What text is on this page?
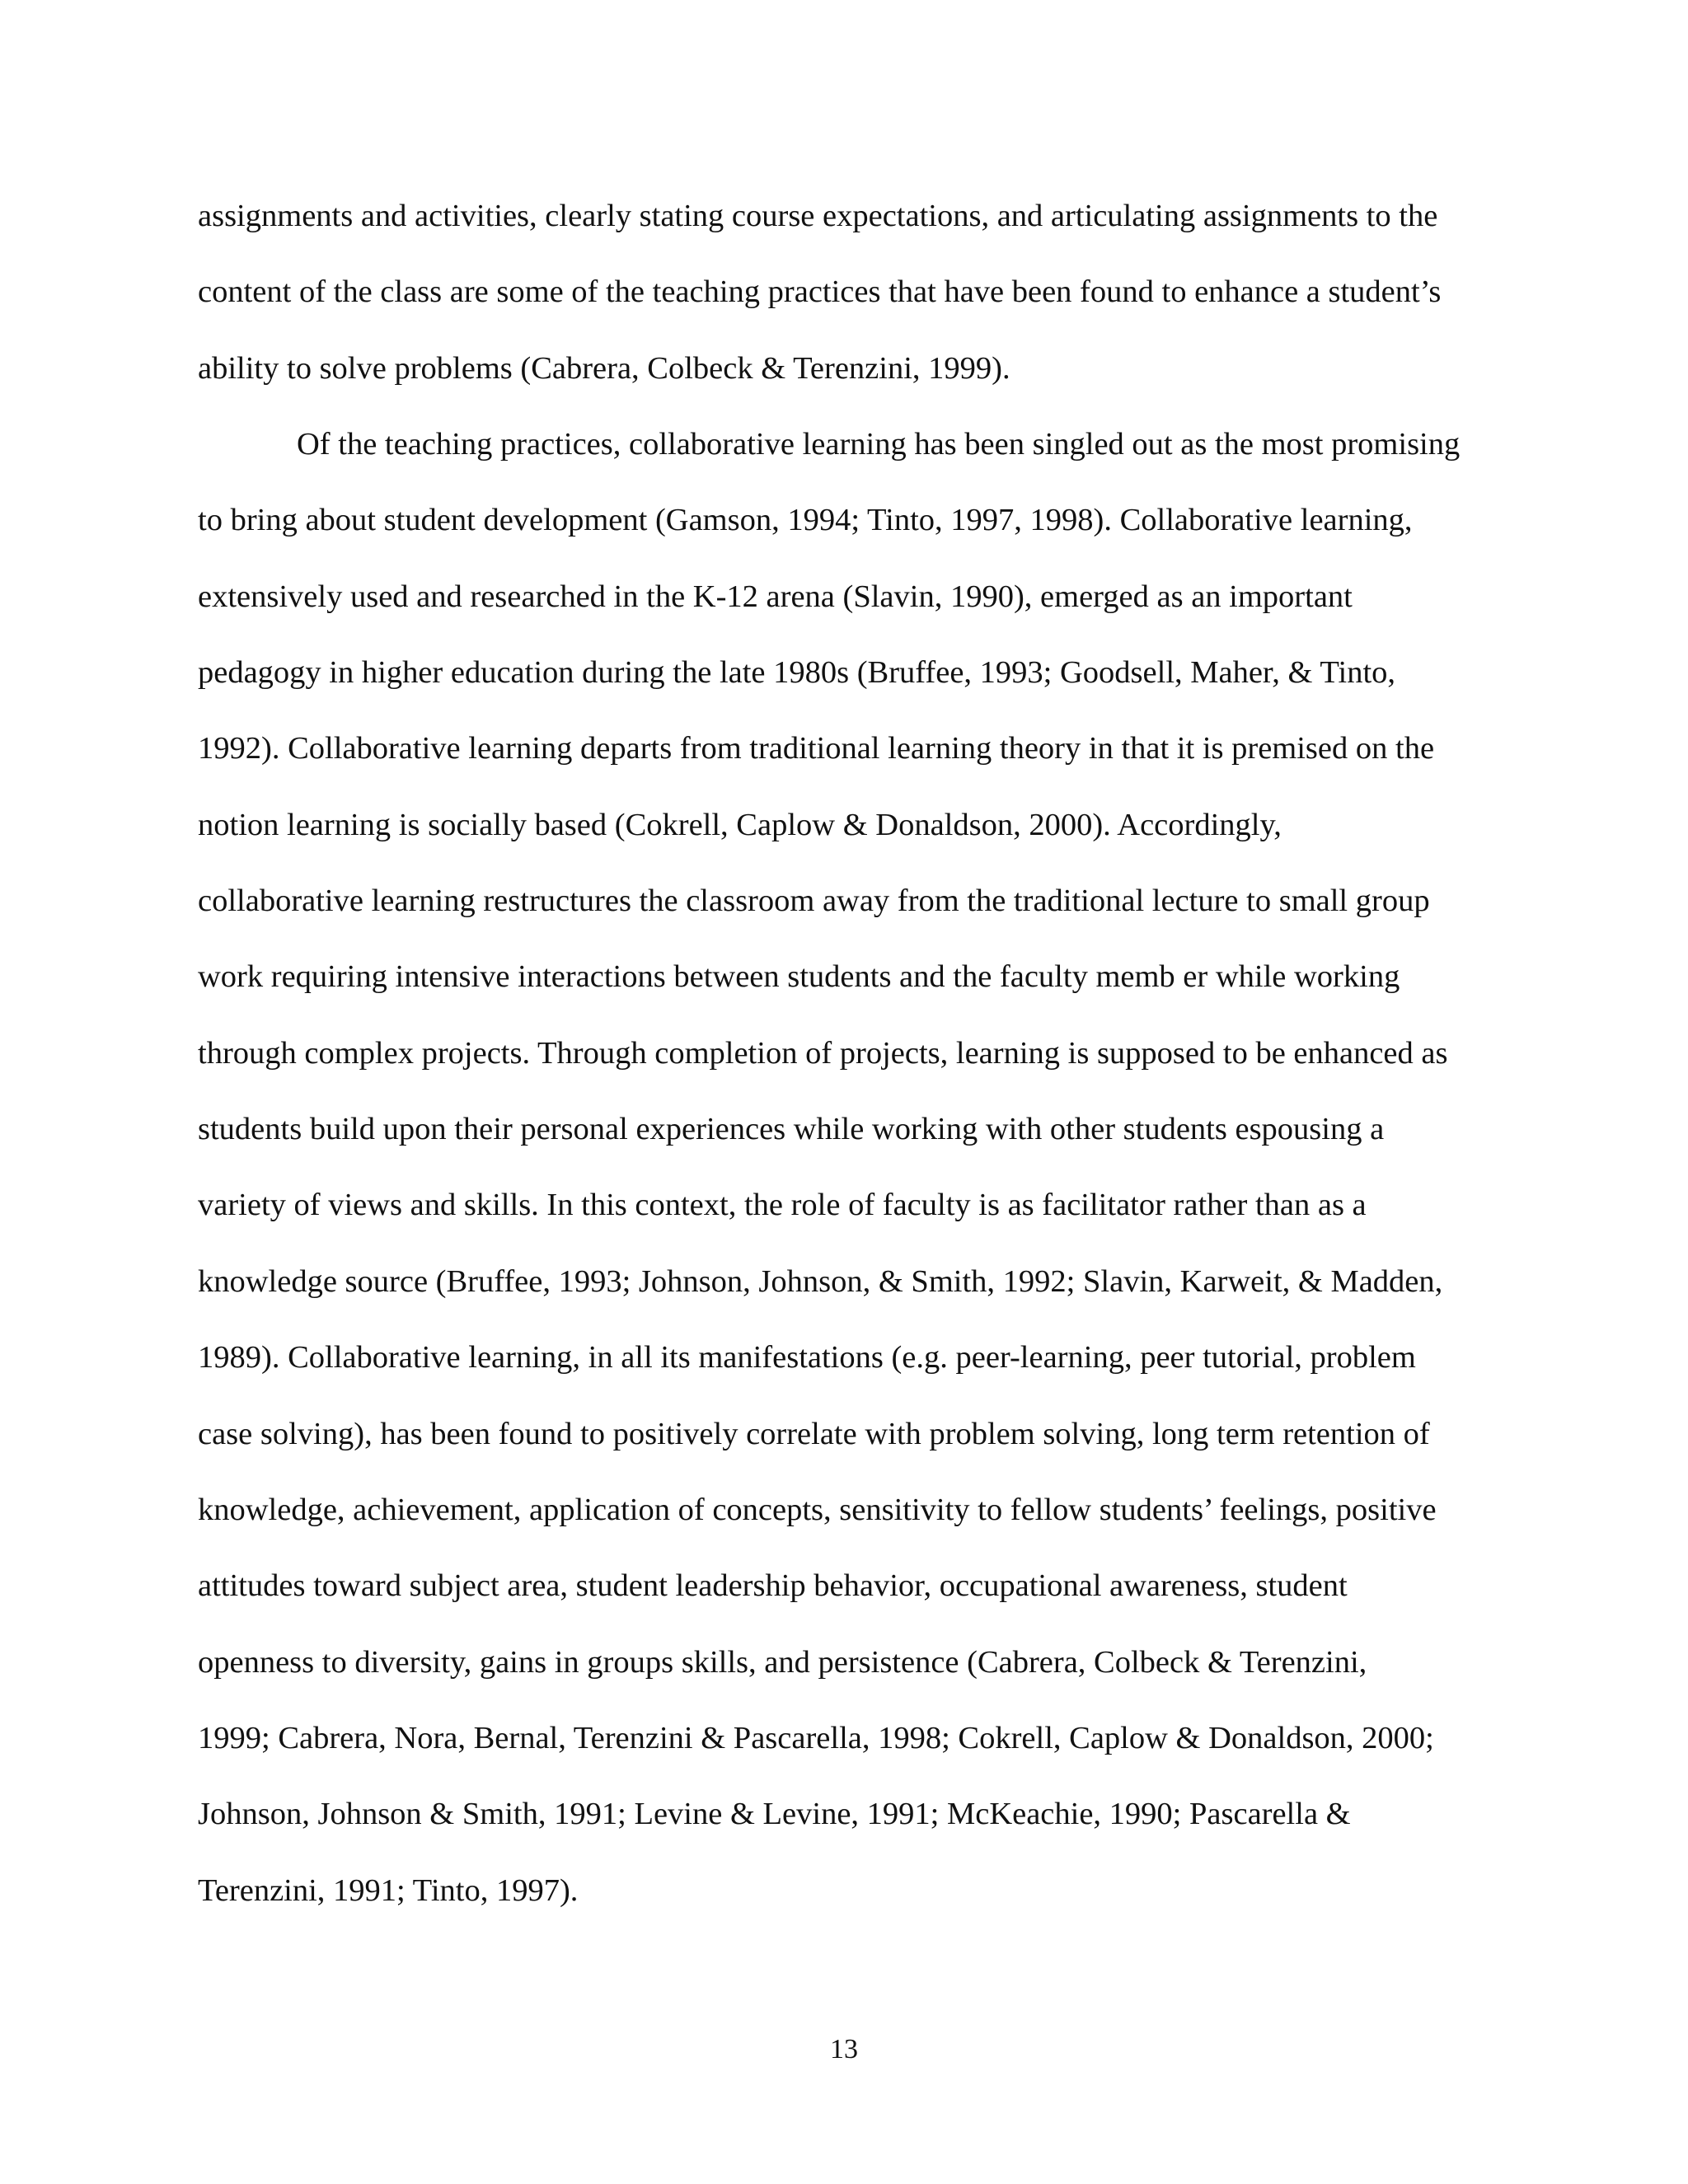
assignments and activities, clearly stating course expectations, and articulating assignments to the
content of the class are some of the teaching practices that have been found to enhance a student’s
ability to solve problems (Cabrera, Colbeck & Terenzini, 1999).
Of the teaching practices, collaborative learning has been singled out as the most promising
to bring about student development (Gamson, 1994; Tinto, 1997, 1998). Collaborative learning,
extensively used and researched in the K-12 arena (Slavin, 1990), emerged as an important
pedagogy in higher education during the late 1980s (Bruffee, 1993; Goodsell, Maher, & Tinto,
1992). Collaborative learning departs from traditional learning theory in that it is premised on the
notion learning is socially based (Cokrell, Caplow & Donaldson, 2000). Accordingly,
collaborative learning restructures the classroom away from the traditional lecture to small group
work requiring intensive interactions between students and the faculty memb er while working
through complex projects. Through completion of projects, learning is supposed to be enhanced as
students build upon their personal experiences while working with other students espousing a
variety of views and skills. In this context, the role of faculty is as facilitator rather than as a
knowledge source (Bruffee, 1993; Johnson, Johnson, & Smith, 1992; Slavin, Karweit, & Madden,
1989). Collaborative learning, in all its manifestations (e.g. peer-learning, peer tutorial, problem
case solving), has been found to positively correlate with problem solving, long term retention of
knowledge, achievement, application of concepts, sensitivity to fellow students’ feelings, positive
attitudes toward subject area, student leadership behavior, occupational awareness, student
openness to diversity, gains in groups skills, and persistence (Cabrera, Colbeck & Terenzini,
1999; Cabrera, Nora, Bernal, Terenzini & Pascarella, 1998; Cokrell, Caplow & Donaldson, 2000;
Johnson, Johnson & Smith, 1991; Levine & Levine, 1991; McKeachie, 1990; Pascarella &
Terenzini, 1991; Tinto, 1997).
13
